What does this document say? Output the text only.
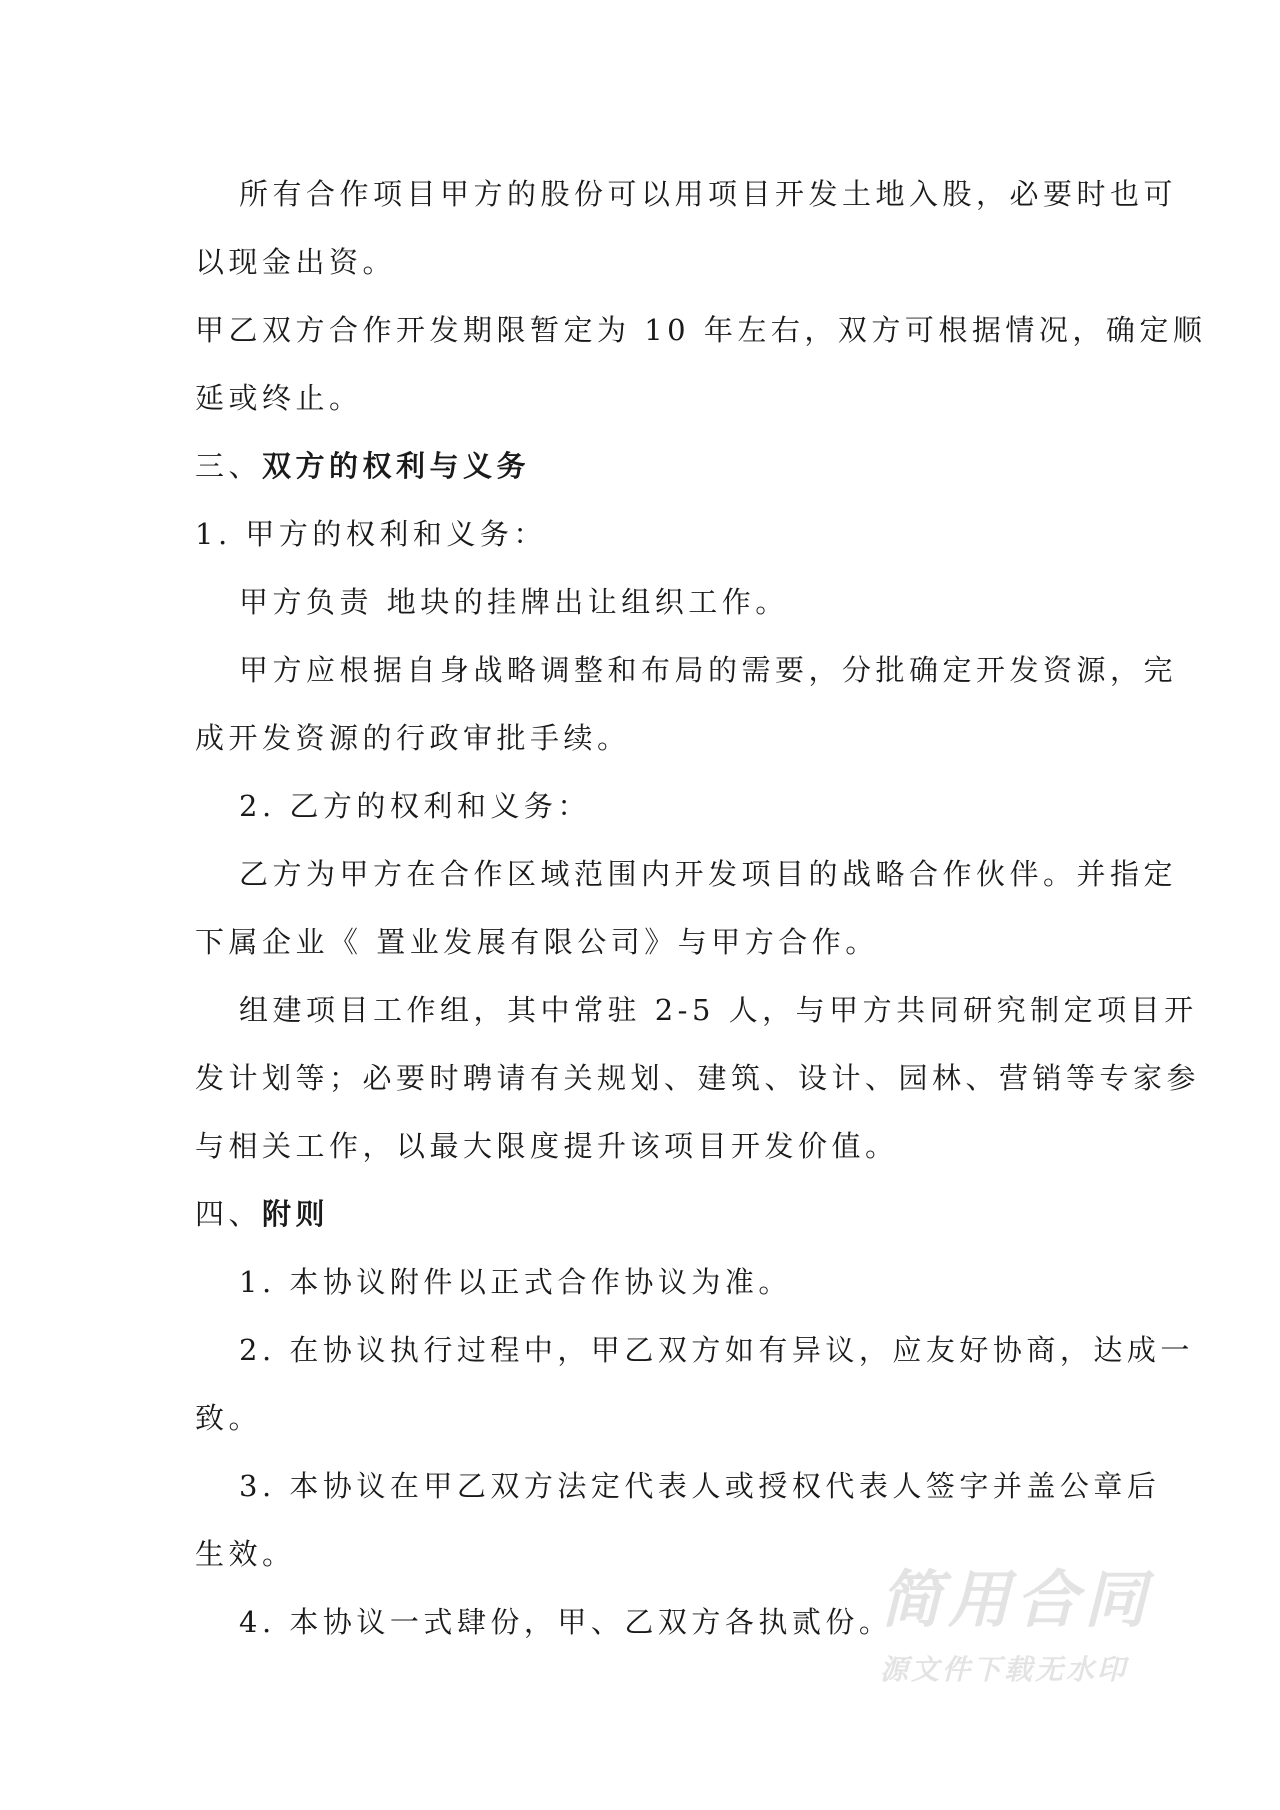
所有合作项目甲方的股份可以用项目开发土地入股，必要时也可
以现金出资。
甲乙双方合作开发期限暂定为 10 年左右，双方可根据情况，确定顺
延或终止。
三、双方的权利与义务
1. 甲方的权利和义务：
甲方负责 地块的挂牌出让组织工作。
甲方应根据自身战略调整和布局的需要，分批确定开发资源，完
成开发资源的行政审批手续。
2. 乙方的权利和义务：
乙方为甲方在合作区域范围内开发项目的战略合作伙伴。并指定
下属企业《 置业发展有限公司》与甲方合作。
组建项目工作组，其中常驻 2-5 人，与甲方共同研究制定项目开
发计划等；必要时聘请有关规划、建筑、设计、园林、营销等专家参
与相关工作，以最大限度提升该项目开发价值。
四、附则
1. 本协议附件以正式合作协议为准。
2. 在协议执行过程中，甲乙双方如有异议，应友好协商，达成一
致。
3. 本协议在甲乙双方法定代表人或授权代表人签字并盖公章后
生效。
4. 本协议一式肆份，甲、乙双方各执贰份。
简用合同
源文件下载无水印
